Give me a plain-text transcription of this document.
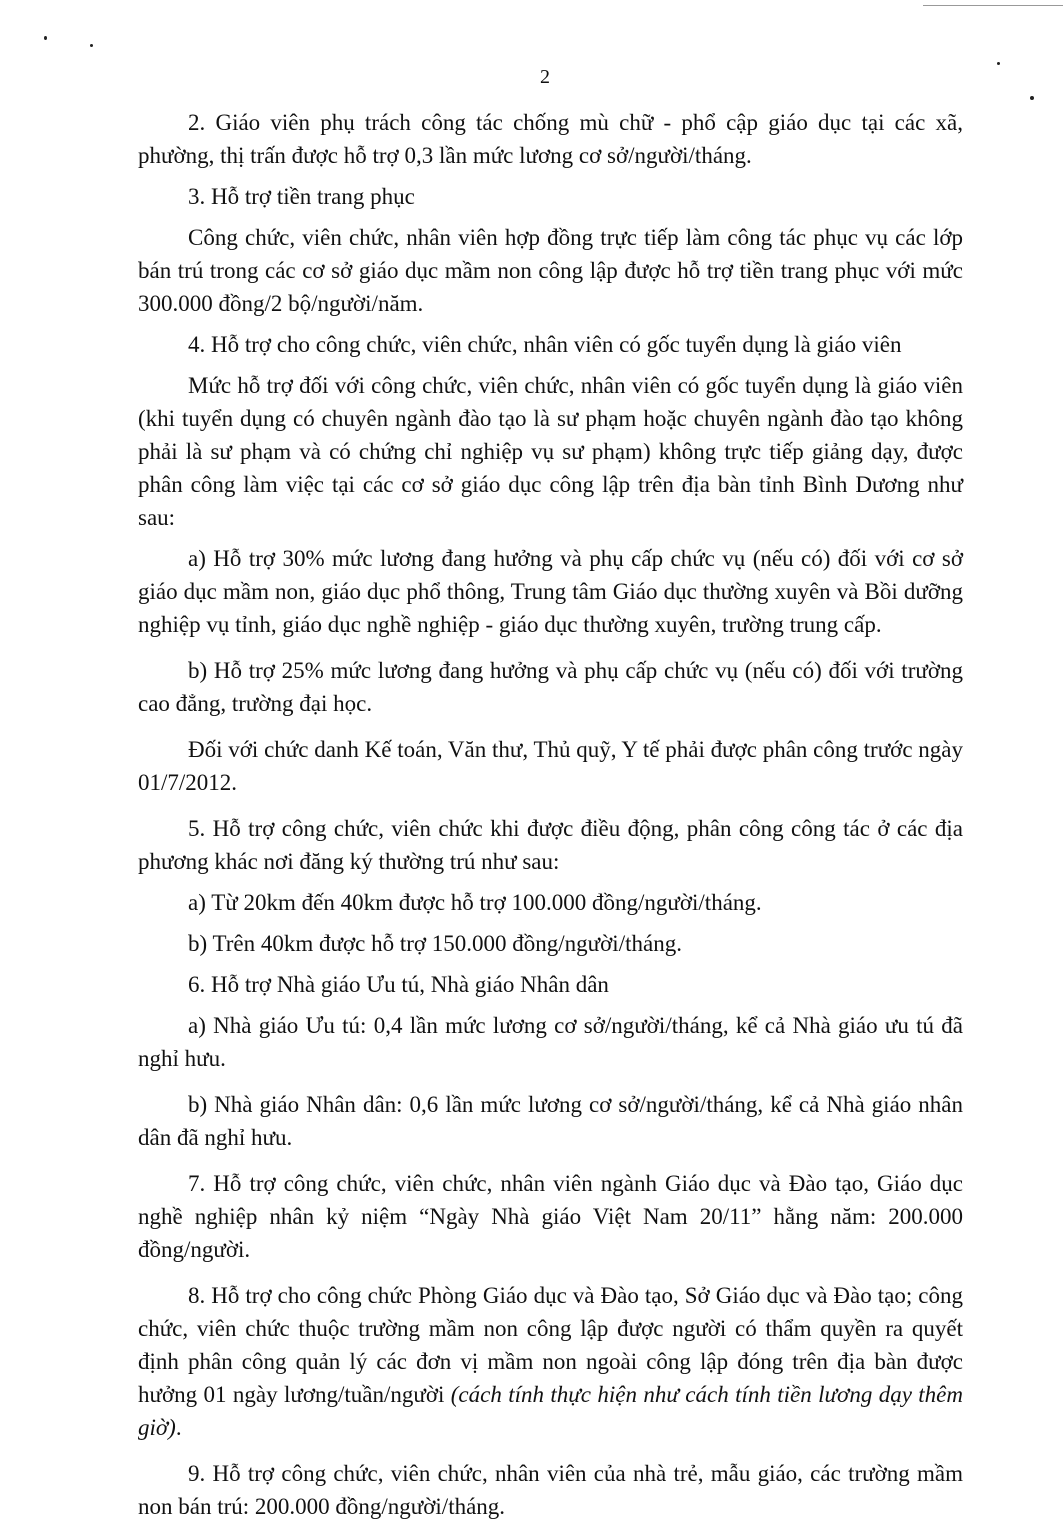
2

2. Giáo viên phụ trách công tác chống mù chữ - phổ cập giáo dục tại các xã, phường, thị trấn được hỗ trợ 0,3 lần mức lương cơ sở/người/tháng.

3. Hỗ trợ tiền trang phục

Công chức, viên chức, nhân viên hợp đồng trực tiếp làm công tác phục vụ các lớp bán trú trong các cơ sở giáo dục mầm non công lập được hỗ trợ tiền trang phục với mức 300.000 đồng/2 bộ/người/năm.

4. Hỗ trợ cho công chức, viên chức, nhân viên có gốc tuyển dụng là giáo viên

Mức hỗ trợ đối với công chức, viên chức, nhân viên có gốc tuyển dụng là giáo viên (khi tuyển dụng có chuyên ngành đào tạo là sư phạm hoặc chuyên ngành đào tạo không phải là sư phạm và có chứng chỉ nghiệp vụ sư phạm) không trực tiếp giảng dạy, được phân công làm việc tại các cơ sở giáo dục công lập trên địa bàn tỉnh Bình Dương như sau:

a) Hỗ trợ 30% mức lương đang hưởng và phụ cấp chức vụ (nếu có) đối với cơ sở giáo dục mầm non, giáo dục phổ thông, Trung tâm Giáo dục thường xuyên và Bồi dưỡng nghiệp vụ tỉnh, giáo dục nghề nghiệp - giáo dục thường xuyên, trường trung cấp.

b) Hỗ trợ 25% mức lương đang hưởng và phụ cấp chức vụ (nếu có) đối với trường cao đẳng, trường đại học.

Đối với chức danh Kế toán, Văn thư, Thủ quỹ, Y tế phải được phân công trước ngày 01/7/2012.

5. Hỗ trợ công chức, viên chức khi được điều động, phân công công tác ở các địa phương khác nơi đăng ký thường trú như sau:

a) Từ 20km đến 40km được hỗ trợ 100.000 đồng/người/tháng.

b) Trên 40km được hỗ trợ 150.000 đồng/người/tháng.

6. Hỗ trợ Nhà giáo Ưu tú, Nhà giáo Nhân dân

a) Nhà giáo Ưu tú: 0,4 lần mức lương cơ sở/người/tháng, kể cả Nhà giáo ưu tú đã nghỉ hưu.

b) Nhà giáo Nhân dân: 0,6 lần mức lương cơ sở/người/tháng, kể cả Nhà giáo nhân dân đã nghỉ hưu.

7. Hỗ trợ công chức, viên chức, nhân viên ngành Giáo dục và Đào tạo, Giáo dục nghề nghiệp nhân kỷ niệm “Ngày Nhà giáo Việt Nam 20/11” hằng năm: 200.000 đồng/người.

8. Hỗ trợ cho công chức Phòng Giáo dục và Đào tạo, Sở Giáo dục và Đào tạo; công chức, viên chức thuộc trường mầm non công lập được người có thẩm quyền ra quyết định phân công quản lý các đơn vị mầm non ngoài công lập đóng trên địa bàn được hưởng 01 ngày lương/tuần/người (cách tính thực hiện như cách tính tiền lương dạy thêm giờ).

9. Hỗ trợ công chức, viên chức, nhân viên của nhà trẻ, mẫu giáo, các trường mầm non bán trú: 200.000 đồng/người/tháng.
